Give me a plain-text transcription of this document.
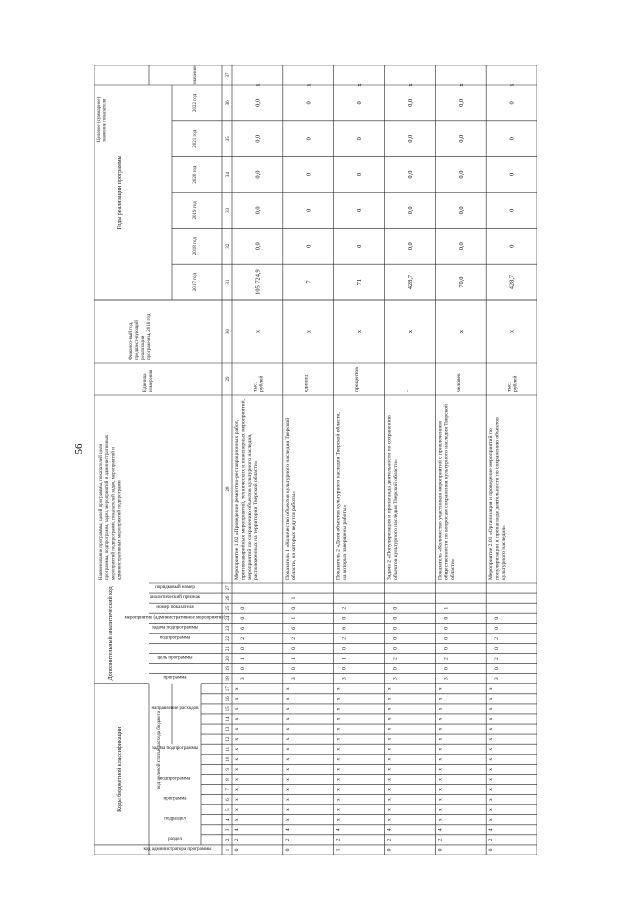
56
Коды бюджетной классификации	код целевой статьи расхода бюджета
Дополнительный аналитический код
Наименование программы, целей программы, показателей целипрограммы, подпрограмм, задач, мероприятий и административныхмероприятий подпрограмм, показателей задач, мероприятий иадминистративных мероприятий подпрограмм
Единицаизмерения
Финансо-вый год,предшест-вующийреализациипрограм-мы, 2016 год
Годы реализации программы
Целевое (суммарное)значение показателя
значение
2017 год
2018 год
2019 год
2020 год
2021 год
2022 год
код администратора программы
раздел
подраздел
программа
подпрограмма
задача подпрограммы
направление расходов
программа
цель программы
подпрограмма
задача подпрограммы
мероприятие (административное мероприятие)
номер показателя
аналитический признак
порядковый номер
1
2
3
4
5
6
7
8
9
10
11
12
13
14
15
16
17
18
19
20
21
22
23
24
25
26
27
28
29
30
31
32
33
34
35
36
37
0
2
4
х
х
х
х
х
х
х
х
х
х
х
х
х
х
3
0
1
0
2
6
0
0
Мероприятие 1.02 «Проведение ремонтно-реставрационных работ,противоаварийных мероприятий, технических и инженерных мероприятий,мероприятий по сохранению объектов культурного наследия,расположенных на территории Тверской области»
тыс.рублей
х
105 724,9
0,0
0,0
0,0
0,0
0,0
х
0
2
4
х
х
х
х
х
х
х
х
х
х
х
х
х
х
3
0
1
0
2
6
1
0
1
Показатель 1 «Количество объектов культурного наследия Тверскойобласти, на которых ведутся работы»
единиц
х
7
0
0
0
0
0
х
1
2
4
х
х
х
х
х
х
х
х
х
х
х
х
х
х
3
0
1
0
2
6
0
2
Показатель 2 «Доля объектов культурного наследия Тверской области,на которых завершены работы»
процентов
х
71
0
0
0
0
0
х
0
2
4
х
х
х
х
х
х
х
х
х
х
х
х
х
х
3
0
2
0
0
0
0
0
Задача 2 «Популяризация и пропаганда деятельности по сохранениюобъектов культурного наследия Тверской области»
-
х
428,7
0,0
0,0
0,0
0,0
0,0
х
0
2
4
х
х
х
х
х
х
х
х
х
х
х
х
х
х
3
0
2
0
0
0
0
1
Показатель «Количество участников мероприятий с привлечениемобщественности по вопросам сохранения культурного наследия Тверскойобласти»
человек
х
70,0
0,0
0,0
0,0
0,0
0,0
х
0
2
4
х
х
х
х
х
х
х
х
х
х
х
х
х
х
3
0
2
0
2
0
0
Мероприятие 2.01 «Организация и проведение мероприятий попопуляризации и пропаганде деятельности по сохранению объектовкультурного наследия»
тыс.рублей
х
428,7
0
0
0
0
0
х
